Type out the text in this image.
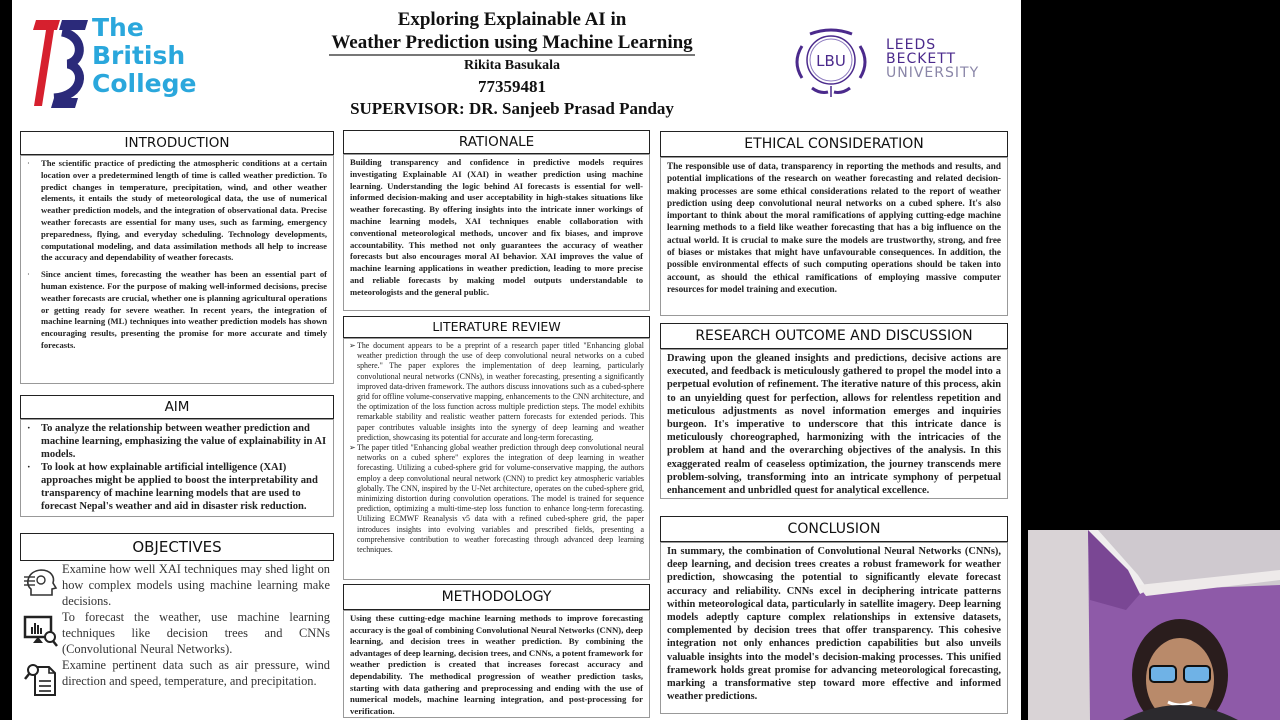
The
British
College
Exploring Explainable AI in
Weather Prediction using Machine Learning
Rikita Basukala
77359481
SUPERVISOR: DR. Sanjeeb Prasad Panday
LBU
LEEDS
BECKETT
UNIVERSITY
INTRODUCTION
·	The scientific practice of predicting the atmospheric conditions at a certain location over a predetermined length of time is called weather prediction. To predict changes in temperature, precipitation, wind, and other weather elements, it entails the study of meteorological data, the use of numerical weather prediction models, and the integration of observational data. Precise weather forecasts are essential for many uses, such as farming, emergency preparedness, flying, and everyday scheduling. Technology developments, computational modeling, and data assimilation methods all help to increase the accuracy and dependability of weather forecasts.

·	Since ancient times, forecasting the weather has been an essential part of human existence. For the purpose of making well-informed decisions, precise weather forecasts are crucial, whether one is planning agricultural operations or getting ready for severe weather. In recent years, the integration of machine learning (ML) techniques into weather prediction models has shown encouraging results, presenting the promise for more accurate and timely forecasts.

AIM
· To analyze the relationship between weather prediction and machine learning, emphasizing the value of explainability in AI models.

· To look at how explainable artificial intelligence (XAI) approaches might be applied to boost the interpretability and transparency of machine learning models that are used to forecast Nepal's weather and aid in disaster risk reduction.

OBJECTIVES
Examine how well XAI techniques may shed light on how complex models using machine learning make decisions.
To forecast the weather, use machine learning techniques like decision trees and CNNs (Convolutional Neural Networks).
Examine pertinent data such as air pressure, wind direction and speed, temperature, and precipitation.
RATIONALE

Building transparency and confidence in predictive models requires investigating Explainable AI (XAI) in weather prediction using machine learning. Understanding the logic behind AI forecasts is essential for well-informed decision-making and user acceptability in high-stakes situations like weather forecasting. By offering insights into the intricate inner workings of machine learning models, XAI techniques enable collaboration with conventional meteorological methods, uncover and fix biases, and improve accountability. This method not only guarantees the accuracy of weather forecasts but also encourages moral AI behavior. XAI improves the value of machine learning applications in weather prediction, leading to more precise and reliable forecasts by making model outputs understandable to meteorologists and the general public.

LITERATURE REVIEW
➢ The document appears to be a preprint of a research paper titled "Enhancing global weather prediction through the use of deep convolutional neural networks on a cubed sphere." The paper explores the implementation of deep learning, particularly convolutional neural networks (CNNs), in weather forecasting, presenting a significantly improved data-driven framework. The authors discuss innovations such as a cubed-sphere grid for offline volume-conservative mapping, enhancements to the CNN architecture, and the optimization of the loss function across multiple prediction steps. The model exhibits remarkable stability and realistic weather pattern forecasts for extended periods. This paper contributes valuable insights into the synergy of deep learning and weather prediction, showcasing its potential for accurate and long-term forecasting.

➢ The paper titled "Enhancing global weather prediction through deep convolutional neural networks on a cubed sphere" explores the integration of deep learning in weather forecasting. Utilizing a cubed-sphere grid for volume-conservative mapping, the authors employ a deep convolutional neural network (CNN) to predict key atmospheric variables globally. The CNN, inspired by the U-Net architecture, operates on the cubed-sphere grid, minimizing distortion during convolution operations. The model is trained for sequence prediction, optimizing a multi-time-step loss function to enhance long-term forecasting. Utilizing ECMWF Reanalysis v5 data with a refined cubed-sphere grid, the paper introduces insights into evolving variables and prescribed fields, presenting a comprehensive contribution to weather forecasting through advanced deep learning techniques.

METHODOLOGY

Using these cutting-edge machine learning methods to improve forecasting accuracy is the goal of combining Convolutional Neural Networks (CNN), deep learning, and decision trees in weather prediction. By combining the advantages of deep learning, decision trees, and CNNs, a potent framework for weather prediction is created that increases forecast accuracy and dependability. The methodical progression of weather prediction tasks, starting with data gathering and preprocessing and ending with the use of numerical models, machine learning integration, and post-processing for verification.

ETHICAL CONSIDERATION

The responsible use of data, transparency in reporting the methods and results, and potential implications of the research on weather forecasting and related decision-making processes are some ethical considerations related to the report of weather prediction using deep convolutional neural networks on a cubed sphere. It's also important to think about the moral ramifications of applying cutting-edge machine learning methods to a field like weather forecasting that has a big influence on the actual world. It is crucial to make sure the models are trustworthy, strong, and free of biases or mistakes that might have unfavourable consequences. In addition, the possible environmental effects of such computing operations should be taken into account, as should the ethical ramifications of employing massive computer resources for model training and execution.

RESEARCH OUTCOME AND DISCUSSION

Drawing upon the gleaned insights and predictions, decisive actions are executed, and feedback is meticulously gathered to propel the model into a perpetual evolution of refinement. The iterative nature of this process, akin to an unyielding quest for perfection, allows for relentless repetition and meticulous adjustments as novel information emerges and inquiries burgeon. It's imperative to underscore that this intricate dance is meticulously choreographed, harmonizing with the intricacies of the problem at hand and the overarching objectives of the analysis. In this exaggerated realm of ceaseless optimization, the journey transcends mere problem-solving, transforming into an intricate symphony of perpetual enhancement and unbridled quest for analytical excellence.

CONCLUSION

In summary, the combination of Convolutional Neural Networks (CNNs), deep learning, and decision trees creates a robust framework for weather prediction, showcasing the potential to significantly elevate forecast accuracy and reliability. CNNs excel in deciphering intricate patterns within meteorological data, particularly in satellite imagery. Deep learning models adeptly capture complex relationships in extensive datasets, complemented by decision trees that offer transparency. This cohesive integration not only enhances prediction capabilities but also unveils valuable insights into the model's decision-making processes. This unified framework holds great promise for advancing meteorological forecasting, marking a transformative step toward more effective and informed weather predictions.
